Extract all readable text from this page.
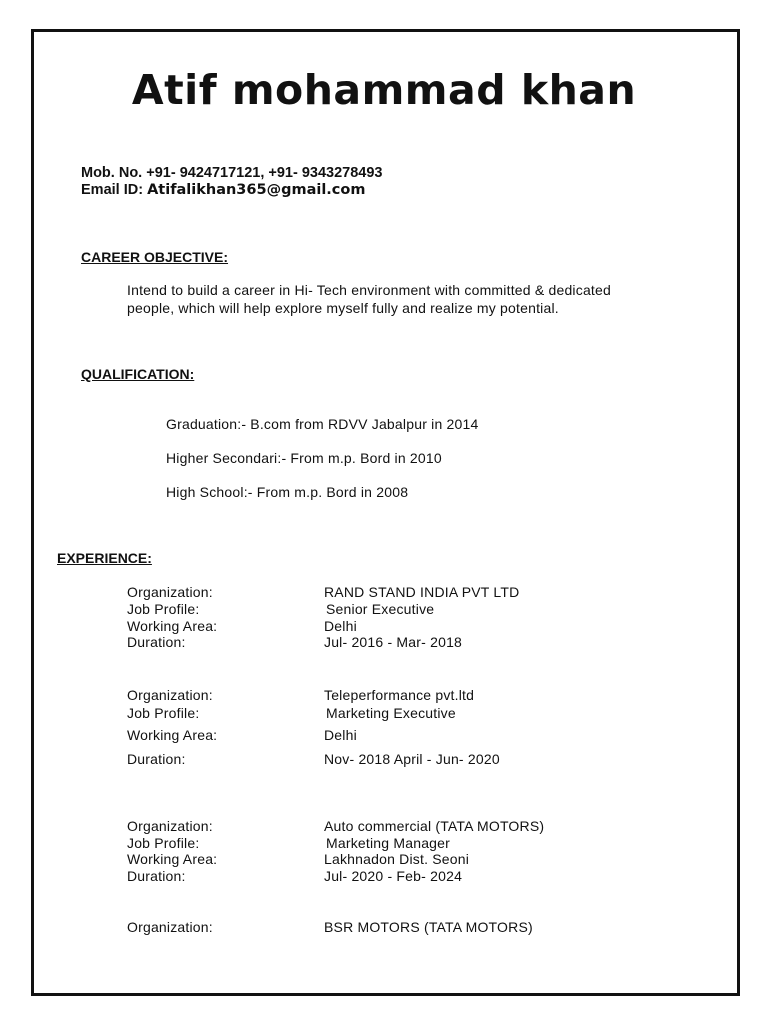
Atif mohammad khan
Mob. No. +91- 9424717121, +91- 9343278493
Email ID: Atifalikhan365@gmail.com
CAREER OBJECTIVE:
Intend to build a career in Hi- Tech environment with committed & dedicated people, which will help explore myself fully and realize my potential.
QUALIFICATION:
Graduation:- B.com from RDVV Jabalpur in 2014
Higher Secondari:- From m.p. Bord in 2010
High School:- From m.p. Bord in 2008
EXPERIENCE:
Organization:	RAND STAND INDIA PVT LTD
Job Profile:	Senior Executive
Working Area:	Delhi
Duration:	Jul- 2016 - Mar- 2018
Organization:	Teleperformance pvt.ltd
Job Profile:	Marketing Executive
Working Area:	Delhi
Duration:	Nov- 2018 April - Jun- 2020
Organization:	Auto commercial (TATA MOTORS)
Job Profile:	Marketing Manager
Working Area:	Lakhnadon Dist. Seoni
Duration:	Jul- 2020 - Feb- 2024
Organization:	BSR MOTORS (TATA MOTORS)
